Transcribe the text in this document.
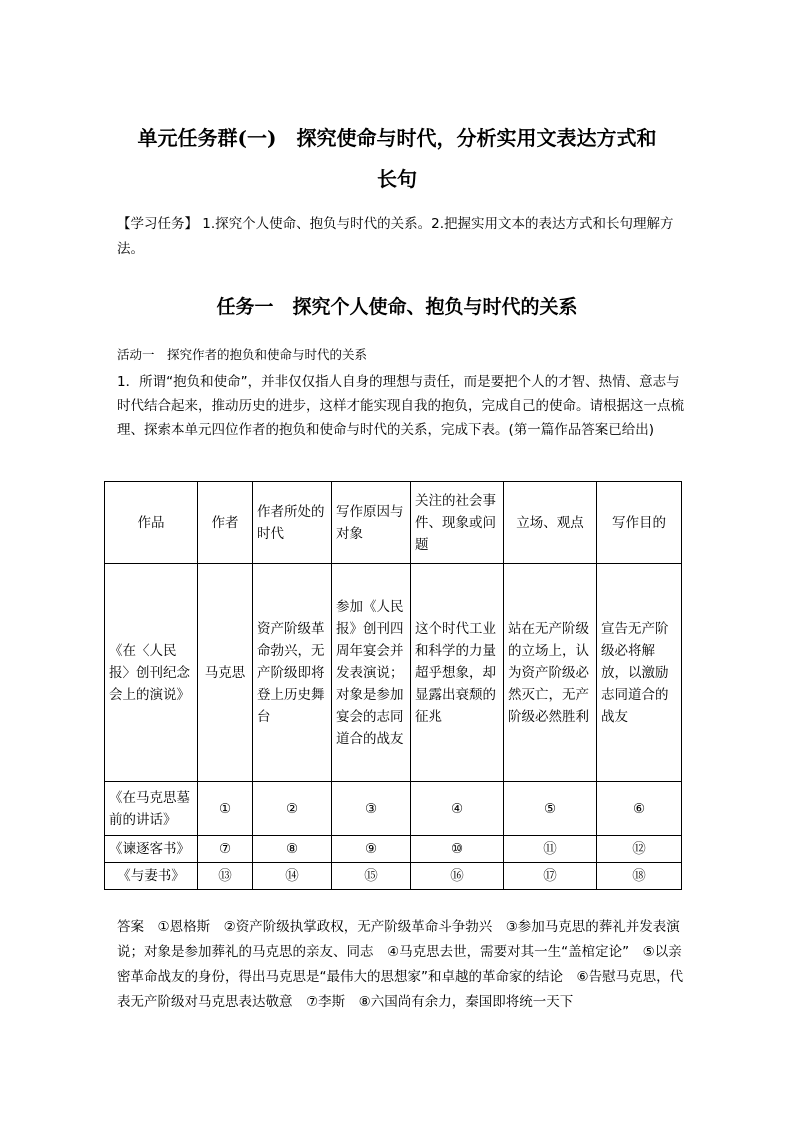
单元任务群(一)　探究使命与时代，分析实用文表达方式和
长句
【学习任务】 1.探究个人使命、抱负与时代的关系。2.把握实用文本的表达方式和长句理解方法。
任务一　探究个人使命、抱负与时代的关系
活动一　探究作者的抱负和使命与时代的关系
1．所谓“抱负和使命”，并非仅仅指人自身的理想与责任，而是要把个人的才智、热情、意志与时代结合起来，推动历史的进步，这样才能实现自我的抱负，完成自己的使命。请根据这一点梳理、探索本单元四位作者的抱负和使命与时代的关系，完成下表。(第一篇作品答案已给出)
作品	作者	作者所处的时代	写作原因与对象	关注的社会事件、现象或问题	立场、观点	写作目的
《在〈人民报〉创刊纪念会上的演说》	马克思	资产阶级革命勃兴，无产阶级即将登上历史舞台	参加《人民报》创刊四周年宴会并发表演说；对象是参加宴会的志同道合的战友	这个时代工业和科学的力量超乎想象，却显露出衰颓的征兆	站在无产阶级的立场上，认为资产阶级必然灭亡，无产阶级必然胜利	宣告无产阶级必将解放，以激励志同道合的战友
《在马克思墓前的讲话》	①	②	③	④	⑤	⑥
《谏逐客书》	⑦	⑧	⑨	⑩	⑪	⑫
《与妻书》	⑬	⑭	⑮	⑯	⑰	⑱
答案　 ①恩格斯　②资产阶级执掌政权，无产阶级革命斗争勃兴　③参加马克思的葬礼并发表演说；对象是参加葬礼的马克思的亲友、同志　④马克思去世，需要对其一生“盖棺定论”　⑤以亲密革命战友的身份，得出马克思是“最伟大的思想家”和卓越的革命家的结论　⑥告慰马克思，代表无产阶级对马克思表达敬意　⑦李斯　⑧六国尚有余力，秦国即将统一天下
